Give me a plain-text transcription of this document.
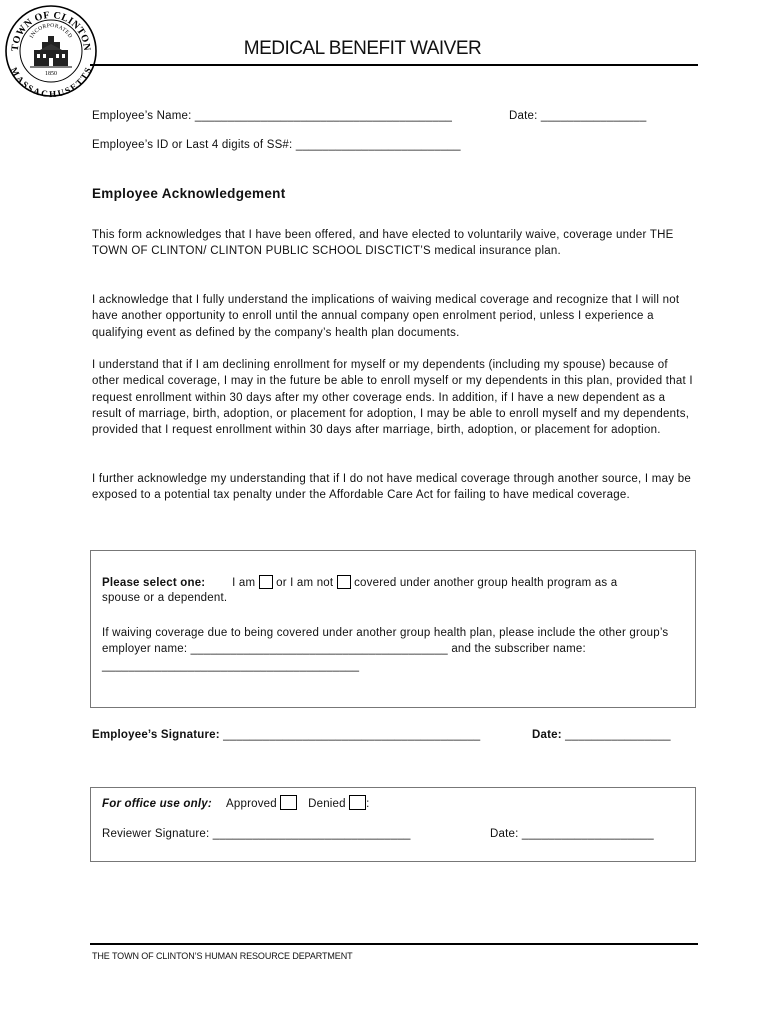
TOWN OF CLINTON
MASSACHUSETTS
INCORPORATED
1850
MEDICAL BENEFIT WAIVER
Employee’s Name: _______________________________________	Date: ________________
Employee’s ID or Last 4 digits of SS#: _________________________
Employee Acknowledgement

This form acknowledges that I have been offered, and have elected to voluntarily waive, coverage under THE TOWN OF CLINTON/ CLINTON PUBLIC SCHOOL DISCTICT’S medical insurance plan.

I acknowledge that I fully understand the implications of waiving medical coverage and recognize that I will not have another opportunity to enroll until the annual company open enrolment period, unless I experience a qualifying event as defined by the company’s health plan documents.

I understand that if I am declining enrollment for myself or my dependents (including my spouse) because of other medical coverage, I may in the future be able to enroll myself or my dependents in this plan, provided that I request enrollment within 30 days after my other coverage ends. In addition, if I have a new dependent as a result of marriage, birth, adoption, or placement for adoption, I may be able to enroll myself and my dependents, provided that I request enrollment within 30 days after marriage, birth, adoption, or placement for adoption.

I further acknowledge my understanding that if I do not have medical coverage through another source, I may be exposed to a potential tax penalty under the Affordable Care Act for failing to have medical coverage.

Please select one: I am or I am not covered under another group health program as a
spouse or a dependent.
If waiving coverage due to being covered under another group health plan, please include the other group’s employer name: _______________________________________ and the subscriber name: _______________________________________
Employee’s Signature: _______________________________________	Date: ________________
For office use only: Approved	Denied :
Reviewer Signature: ______________________________	Date: ____________________
THE TOWN OF CLINTON’S HUMAN RESOURCE DEPARTMENT
